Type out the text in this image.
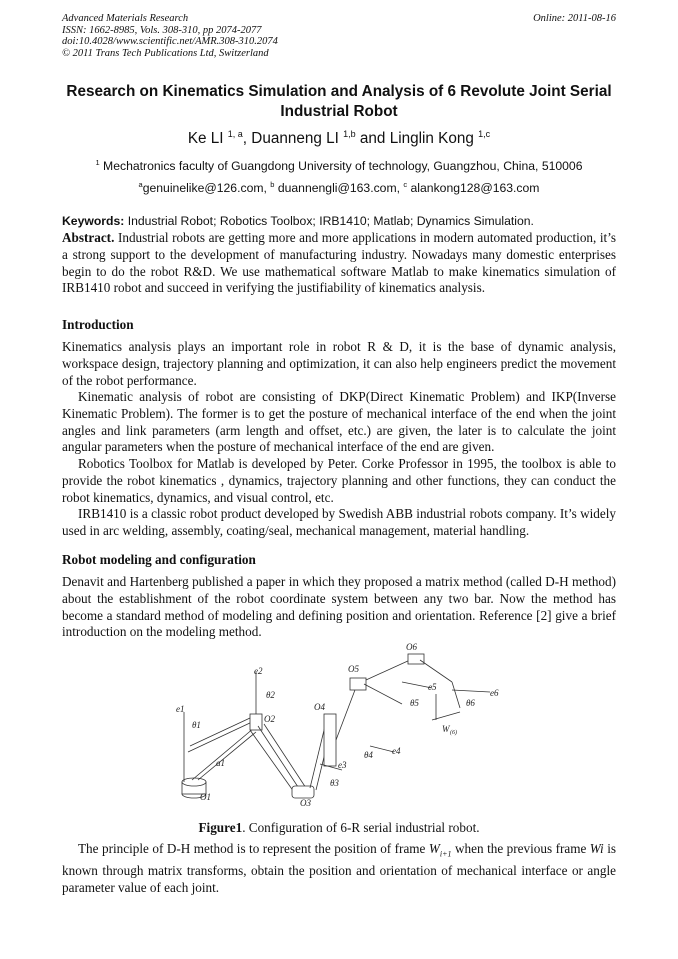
Advanced Materials Research
ISSN: 1662-8985, Vols. 308-310, pp 2074-2077
doi:10.4028/www.scientific.net/AMR.308-310.2074
© 2011 Trans Tech Publications Ltd, Switzerland
Online: 2011-08-16
Research on Kinematics Simulation and Analysis of 6 Revolute Joint Serial Industrial Robot
Ke LI $^{1, a}$, Duanneng LI $^{1,b}$ and Linglin Kong $^{1,c}$
$^1$ Mechatronics faculty of Guangdong University of technology, Guangzhou, China, 510006
$^a$genuinelike@126.com, $^b$ duannengli@163.com, $^c$ alankong128@163.com
Keywords: Industrial Robot; Robotics Toolbox; IRB1410; Matlab; Dynamics Simulation.
Abstract. Industrial robots are getting more and more applications in modern automated production, it’s a strong support to the development of manufacturing industry. Nowadays many domestic enterprises begin to do the robot R&D. We use mathematical software Matlab to make kinematics simulation of IRB1410 robot and succeed in verifying the justifiability of kinematics analysis.
Introduction
Kinematics analysis plays an important role in robot R & D, it is the base of dynamic analysis, workspace design, trajectory planning and optimization, it can also help engineers predict the movement of the robot performance.
Kinematic analysis of robot are consisting of DKP(Direct Kinematic Problem) and IKP(Inverse Kinematic Problem). The former is to get the posture of mechanical interface of the end when the joint angles and link parameters (arm length and offset, etc.) are given, the later is to calculate the joint angular parameters when the posture of mechanical interface of the end are given.
Robotics Toolbox for Matlab is developed by Peter. Corke Professor in 1995, the toolbox is able to provide the robot kinematics , dynamics, trajectory planning and other functions, they can conduct the robot kinematics, dynamics, and visual control, etc.
IRB1410 is a classic robot product developed by Swedish ABB industrial robots company. It’s widely used in arc welding, assembly, coating/seal, mechanical management, material handling.
Robot modeling and configuration
Denavit and Hartenberg published a paper in which they proposed a matrix method (called D-H method) about the establishment of the robot coordinate system between any two bar. Now the method has become a standard method of modeling and defining position and orientation. Reference [2] give a brief introduction on the modeling method.
O1
O2
O3
O4
O5
O6
e1
e2
e3
e4
e5
e6
θ1
θ2
θ3
θ4
θ5	θ6
a1
W (6)
Figure1. Configuration of 6-R serial industrial robot.
The principle of D-H method is to represent the position of frame $W_{i+1}$ when the previous frame Wi is known through matrix transforms, obtain the position and orientation of mechanical interface or angle parameter value of each joint.
